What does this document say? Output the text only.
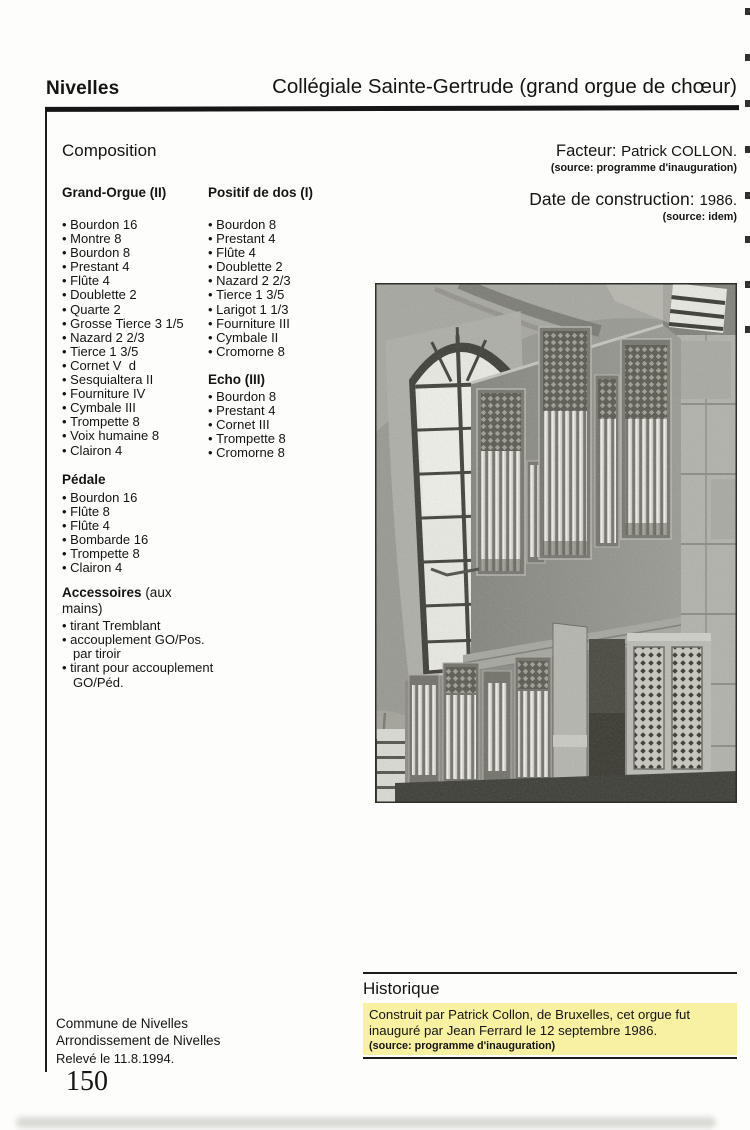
Nivelles	Collégiale Sainte-Gertrude (grand orgue de chœur)
Composition
Grand-Orgue (II)
• Bourdon 16
• Montre 8
• Bourdon 8
• Prestant 4
• Flûte 4
• Doublette 2
• Quarte 2
• Grosse Tierce 3 1/5
• Nazard 2 2/3
• Tierce 1 3/5
• Cornet V  d
• Sesquialtera II
• Fourniture IV
• Cymbale III
• Trompette 8
• Voix humaine 8
• Clairon 4
Pédale
• Bourdon 16
• Flûte 8
• Flûte 4
• Bombarde 16
• Trompette 8
• Clairon 4
Accessoires (aux mains)
• tirant Tremblant
• accouplement GO/Pos.
par tiroir
• tirant pour accouplement
GO/Péd.
Positif de dos (I)
• Bourdon 8
• Prestant 4
• Flûte 4
• Doublette 2
• Nazard 2 2/3
• Tierce 1 3/5
• Larigot 1 1/3
• Fourniture III
• Cymbale II
• Cromorne 8
Echo (III)
• Bourdon 8
• Prestant 4
• Cornet III
• Trompette 8
• Cromorne 8
Facteur: Patrick COLLON.
(source: programme d'inauguration)
Date de construction: 1986.
(source: idem)
Historique
Construit par Patrick Collon, de Bruxelles, cet orgue fut inauguré par Jean Ferrard le 12 septembre 1986.
(source: programme d'inauguration)
Commune de Nivelles
Arrondissement de Nivelles
Relevé le 11.8.1994.
150
